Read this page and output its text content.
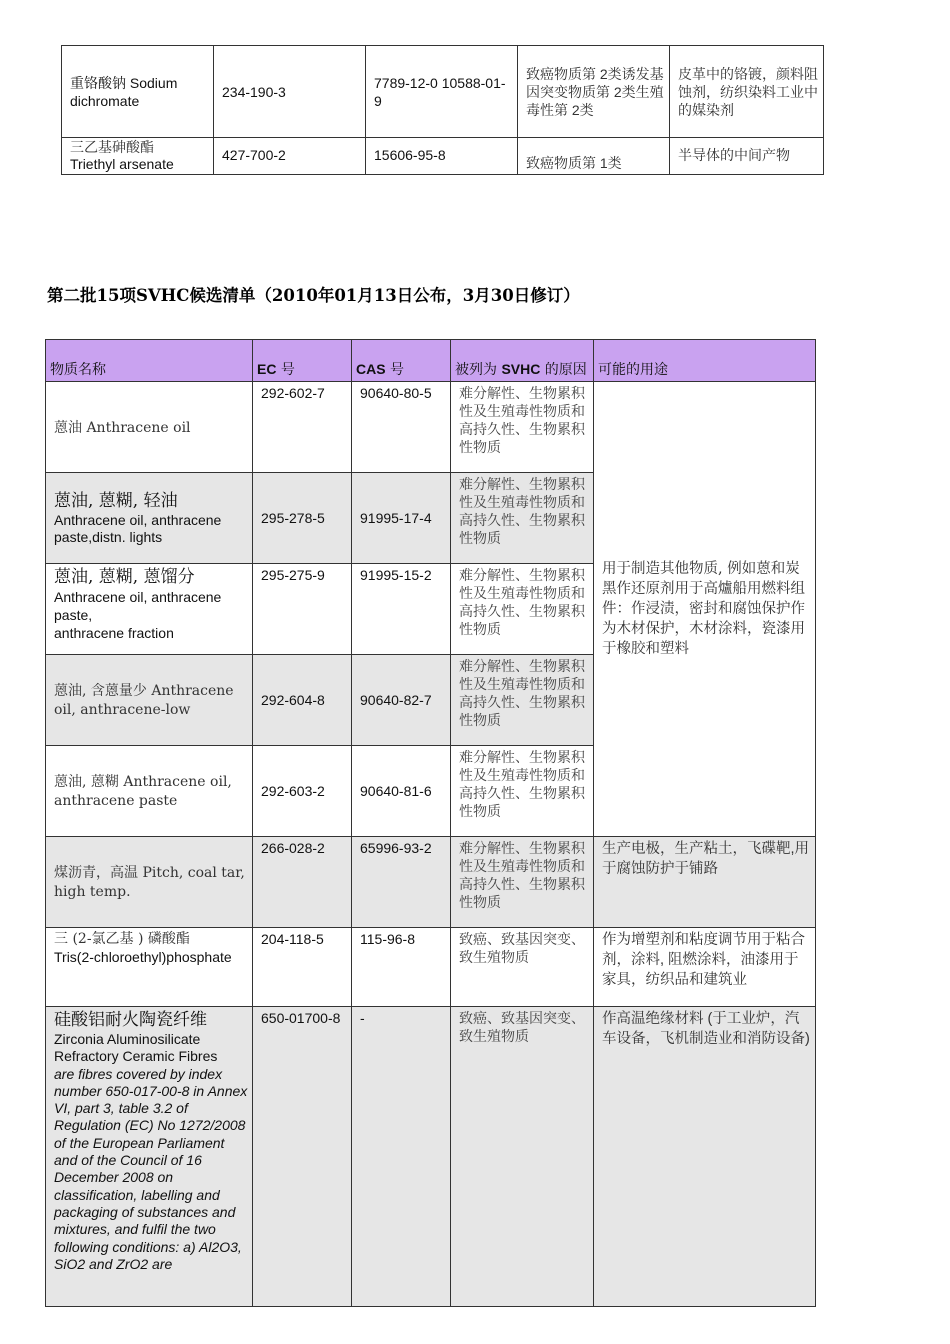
重铬酸钠 Sodium dichromate	234-190-3	7789-12-0 10588-01-9	致癌物质第 2类诱发基因突变物质第 2类生殖毒性第 2类	皮革中的铬镀，颜料阻蚀剂，纺织染料工业中的媒染剂

三乙基砷酸酯
Triethyl arsenate	427-700-2	15606-95-8	致癌物质第 1类	半导体的中间产物
第二批15项SVHC候选清单（2010年01月13日公布，3月30日修订）
物质名称	EC 号	CAS 号	被列为 SVHC 的原因	可能的用途
蒽油 Anthracene oil	292-602-7	90640-80-5	难分解性、生物累积性及生殖毒性物质和高持久性、生物累积性物质	用于制造其他物质, 例如蒽和炭黑作还原剂用于高爐船用燃料组件：作浸渍，密封和腐蚀保护作为木材保护，木材涂料，瓷漆用于橡胶和塑料

蒽油, 蒽糊, 轻油
Anthracene oil, anthracene paste,distn. lights	295-278-5	91995-17-4	难分解性、生物累积性及生殖毒性物质和高持久性、生物累积性物质	

蒽油, 蒽糊, 蒽馏分
Anthracene oil, anthracene paste,
anthracene fraction	295-275-9	91995-15-2	难分解性、生物累积性及生殖毒性物质和高持久性、生物累积性物质	
蒽油, 含蒽量少 Anthracene oil, anthracene-low	292-604-8	90640-82-7	难分解性、生物累积性及生殖毒性物质和高持久性、生物累积性物质	
蒽油, 蒽糊 Anthracene oil, anthracene paste	292-603-2	90640-81-6	难分解性、生物累积性及生殖毒性物质和高持久性、生物累积性物质	
煤沥青，高温 Pitch, coal tar, high temp.	266-028-2	65996-93-2	难分解性、生物累积性及生殖毒性物质和高持久性、生物累积性物质	生产电极，生产粘土，飞碟靶,用于腐蚀防护于铺路

三 (2-氯乙基 ) 磷酸酯
Tris(2-chloroethyl)phosphate	204-118-5	115-96-8	致癌、致基因突变、致生殖物质	作为增塑剂和粘度调节用于粘合剂，涂料, 阻燃涂料，油漆用于家具，纺织品和建筑业

硅酸铝耐火陶瓷纤维
Zirconia Aluminosilicate
Refractory Ceramic Fibres
are fibres covered by index number 650-017-00-8 in Annex VI, part 3, table 3.2 of Regulation (EC) No 1272/2008 of the European Parliament and of the Council of 16 December 2008 on classification, labelling and packaging of substances and mixtures, and fulfil the two following conditions: a) Al2O3, SiO2 and ZrO2 are	650-01700-8	-	致癌、致基因突变、致生殖物质	作高温绝缘材料 (于工业炉，汽车设备，飞机制造业和消防设备)
